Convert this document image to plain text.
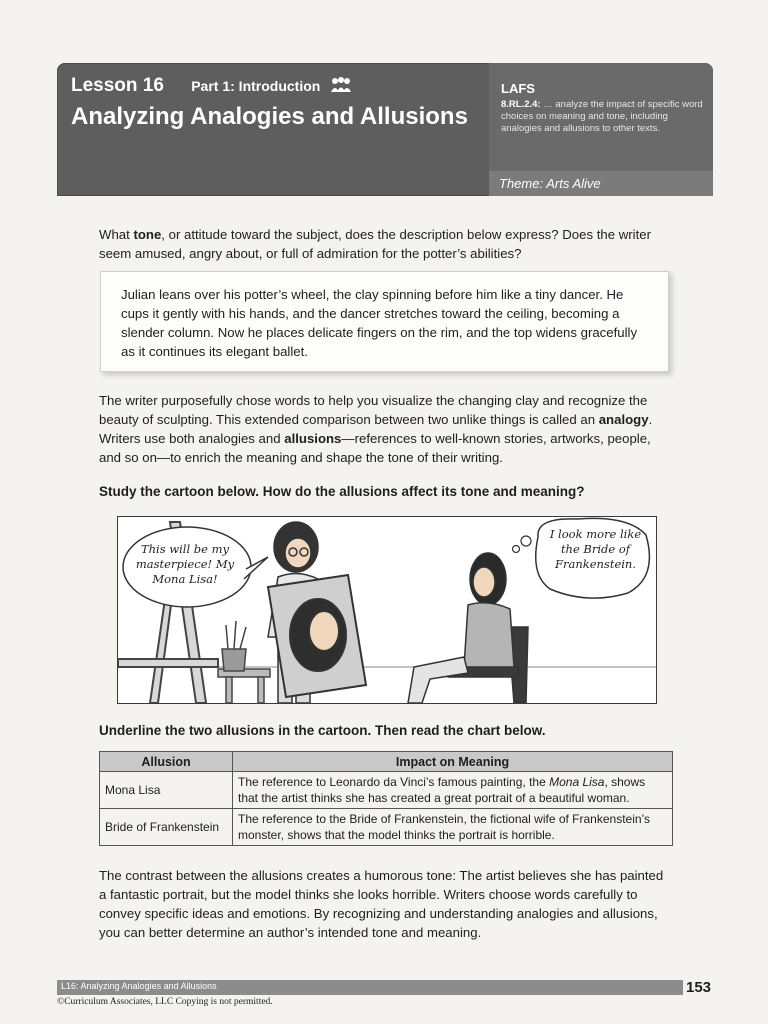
Lesson 16 Part 1: Introduction
Analyzing Analogies and Allusions
LAFS
8.RL.2.4: … analyze the impact of specific word choices on meaning and tone, including analogies and allusions to other texts.
Theme: Arts Alive
What tone, or attitude toward the subject, does the description below express? Does the writer seem amused, angry about, or full of admiration for the potter’s abilities?
Julian leans over his potter’s wheel, the clay spinning before him like a tiny dancer. He cups it gently with his hands, and the dancer stretches toward the ceiling, becoming a slender column. Now he places delicate fingers on the rim, and the top widens gracefully as it continues its elegant ballet.
The writer purposefully chose words to help you visualize the changing clay and recognize the beauty of sculpting. This extended comparison between two unlike things is called an analogy. Writers use both analogies and allusions—references to well-known stories, artworks, people, and so on—to enrich the meaning and shape the tone of their writing.
Study the cartoon below. How do the allusions affect its tone and meaning?
This will be my masterpiece! My Mona Lisa!
I look more like the Bride of Frankenstein.
Underline the two allusions in the cartoon. Then read the chart below.
Allusion	Impact on Meaning
Mona Lisa	The reference to Leonardo da Vinci’s famous painting, the Mona Lisa, shows that the artist thinks she has created a great portrait of a beautiful woman.
Bride of Frankenstein	The reference to the Bride of Frankenstein, the fictional wife of Frankenstein’s monster, shows that the model thinks the portrait is horrible.
The contrast between the allusions creates a humorous tone: The artist believes she has painted a fantastic portrait, but the model thinks she looks horrible. Writers choose words carefully to convey specific ideas and emotions. By recognizing and understanding analogies and allusions, you can better determine an author’s intended tone and meaning.
L16: Analyzing Analogies and Allusions	153
©Curriculum Associates, LLC Copying is not permitted.
